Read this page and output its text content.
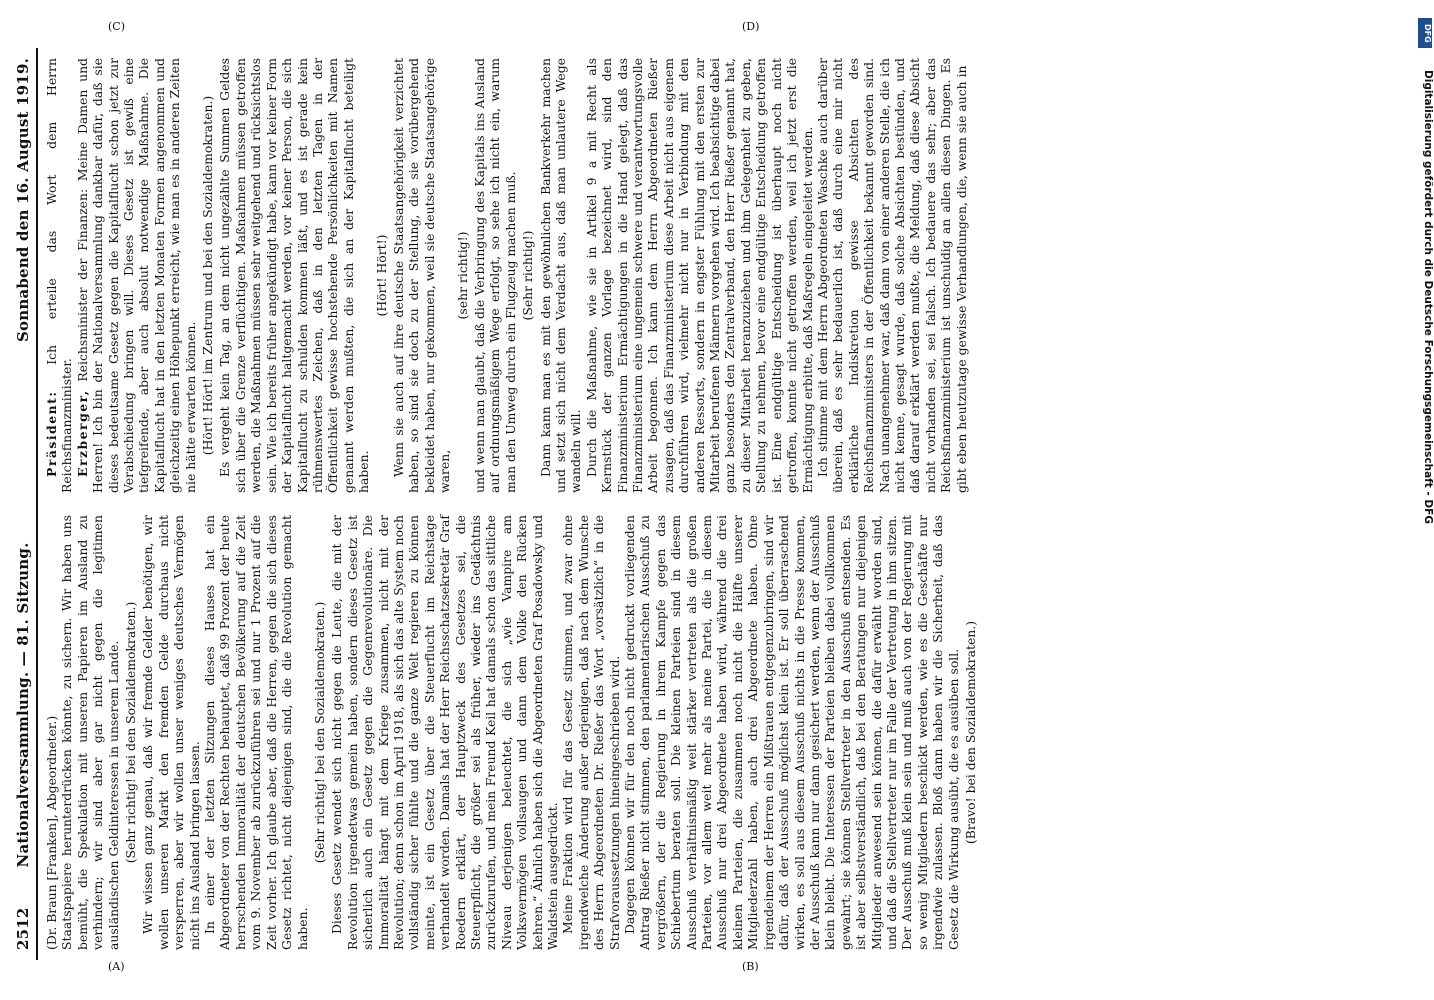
2512
Nationalversammlung. — 81. Sitzung.
Sonnabend den 16. August 1919.

(Dr. Braun [Franken], Abgeordneter.) Staatspapiere herunterdrücken könnte, zu sichern. Wir haben uns bemüht, die Spekulation mit unseren Papieren im Ausland zu verhindern; wir sind aber gar nicht gegen die legitimen ausländischen Geldinteressen in unserem Lande. (Sehr richtig! bei den Sozialdemokraten.) Wir wissen ganz genau, daß wir fremde Gelder benötigen, wir wollen unseren Markt den fremden Gelde durchaus nicht versperren, aber wir wollen unser weniges deutsches Vermögen nicht ins Ausland bringen lassen. In einer der letzten Sitzungen dieses Hauses hat ein Abgeordneter von der Rechten behauptet, daß 99 Prozent der heute herrschenden Immoralität der deutschen Bevölkerung auf die Zeit vom 9. November ab zurückzuführen sei und nur 1 Prozent auf die Zeit vorher. Ich glaube aber, daß die Herren, gegen die sich dieses Gesetz richtet, nicht diejenigen sind, die die Revolution gemacht haben.

(Sehr richtig! bei den Sozialdemokraten.) Dieses Gesetz wendet sich nicht gegen die Leute, die mit der Revolution irgendetwas gemein haben, sondern dieses Gesetz ist sicherlich auch ein Gesetz gegen die Gegenrevolutionäre. Die Immoralität hängt mit dem Kriege zusammen, nicht mit der Revolution; denn schon im April 1918, als sich das alte System noch vollständig sicher fühlte und die ganze Welt regieren zu können meinte, ist ein Gesetz über die Steuerflucht im Reichstage verhandelt worden. Damals hat der Herr Reichsschatzsekretär Graf Roedern erklärt, der Hauptzweck des Gesetzes sei, die Steuerpflicht, die größer sei als früher, wieder ins Gedächtnis zurückzurufen, und mein Freund Keil hat damals schon das sittliche Niveau derjenigen beleuchtet, die sich „wie Vampire am Volksvermögen vollsaugen und dann dem Volke den Rücken kehren.“ Ähnlich haben sich die Abgeordneten Graf Posadowsky und Waldstein ausgedrückt. Meine Fraktion wird für das Gesetz stimmen, und zwar ohne irgendwelche Änderung außer derjenigen, daß nach dem Wunsche des Herrn Abgeordneten Dr. Rießer das Wort „vorsätzlich“ in die Strafvoraussetzungen hineingeschrieben wird. Dagegen können wir für den noch nicht gedruckt vorliegenden Antrag Rießer nicht stimmen, den parlamentarischen Ausschuß zu vergrößern, der die Regierung in ihrem Kampfe gegen das Schiebertum beraten soll. Die kleinen Parteien sind in diesem Ausschuß verhältnismäßig weit stärker vertreten als die großen Parteien, vor allem weit mehr als meine Partei, die in diesem Ausschuß nur drei Abgeordnete haben wird, während die drei kleinen Parteien, die zusammen noch nicht die Hälfte unserer Mitgliederzahl haben, auch drei Abgeordnete haben. Ohne irgendeinem der Herren ein Mißtrauen entgegenzubringen, sind wir dafür, daß der Ausschuß möglichst klein ist. Er soll überraschend wirken, es soll aus diesem Ausschuß nichts in die Presse kommen, der Ausschuß kann nur dann gesichert werden, wenn der Ausschuß klein bleibt. Die Interessen der Parteien bleiben dabei vollkommen gewahrt; sie können Stellvertreter in den Ausschuß entsenden. Es ist aber selbstverständlich, daß bei den Beratungen nur diejenigen Mitglieder anwesend sein können, die dafür erwählt worden sind, und daß die Stellvertreter nur im Falle der Vertretung in ihm sitzen. Der Ausschuß muß klein sein und muß auch von der Regierung mit so wenig Mitgliedern beschickt werden, wie es die Geschäfte nur irgendwie zulassen. Bloß dann haben wir die Sicherheit, daß das Gesetz die Wirkung ausübt, die es ausüben soll. (Bravo! bei den Sozialdemokraten.)

Präsident: Ich erteile das Wort dem Herrn Reichsfinanzminister. Erzberger, Reichsminister der Finanzen: Meine Damen und Herren! Ich bin der Nationalversammlung dankbar dafür, daß sie dieses bedeutsame Gesetz gegen die Kapitalflucht schon jetzt zur Verabschiedung bringen will. Dieses Gesetz ist gewiß eine tiefgreifende, aber auch absolut notwendige Maßnahme. Die Kapitalflucht hat in den letzten Monaten Formen angenommen und gleichzeitig einen Höhepunkt erreicht, wie man es in anderen Zeiten nie hätte erwarten können. (Hört! Hört! im Zentrum und bei den Sozialdemokraten.) Es vergeht kein Tag, an dem nicht ungezählte Summen Geldes sich über die Grenze verflüchtigen. Maßnahmen müssen getroffen werden, die Maßnahmen müssen sehr weitgehend und rücksichtslos sein. Wie ich bereits früher angekündigt habe, kann vor keiner Form der Kapitalflucht haltgemacht werden, vor keiner Person, die sich Kapitalflucht zu schulden kommen läßt, und es ist gerade kein rühmenswertes Zeichen, daß in den letzten Tagen in der Öffentlichkeit gewisse hochstehende Persönlichkeiten mit Namen genannt werden mußten, die sich an der Kapitalflucht beteiligt haben.

(Hört! Hört!) Wenn sie auch auf ihre deutsche Staatsangehörigkeit verzichtet haben, so sind sie doch zu der Stellung, die sie vorübergehend bekleidet haben, nur gekommen, weil sie deutsche Staatsangehörige waren,

(sehr richtig!) und wenn man glaubt, daß die Verbringung des Kapitals ins Ausland auf ordnungsmäßigem Wege erfolgt, so sehe ich nicht ein, warum man den Umweg durch ein Flugzeug machen muß. (Sehr richtig!) Dann kann man es mit den gewöhnlichen Bankverkehr machen und setzt sich nicht dem Verdacht aus, daß man unlautere Wege wandeln will. Durch die Maßnahme, wie sie in Artikel 9 a mit Recht als Kernstück der ganzen Vorlage bezeichnet wird, sind den Finanzministerium Ermächtigungen in die Hand gelegt, daß das Finanzministerium eine ungemein schwere und verantwortungsvolle Arbeit begonnen. Ich kann dem Herrn Abgeordneten Rießer zusagen, daß das Finanzministerium diese Arbeit nicht aus eigenem durchführen wird, vielmehr nicht nur in Verbindung mit den anderen Ressorts, sondern in engster Fühlung mit den ersten zur Mitarbeit berufenen Männern vorgehen wird. Ich beabsichtige dabei ganz besonders den Zentralverband, den Herr Rießer genannt hat, zu dieser Mitarbeit heranzuziehen und ihm Gelegenheit zu geben, Stellung zu nehmen, bevor eine endgültige Entscheidung getroffen ist. Eine endgültige Entscheidung ist überhaupt noch nicht getroffen, konnte nicht getroffen werden, weil ich jetzt erst die Ermächtigung erbitte, daß Maßregeln eingeleitet werden. Ich stimme mit dem Herrn Abgeordneten Waschke auch darüber überein, daß es sehr bedauerlich ist, daß durch eine mir nicht erklärliche Indiskretion gewisse Absichten des Reichsfinanzministers in der Öffentlichkeit bekannt geworden sind. Nach unangenehmer war, daß dann von einer anderen Stelle, die ich nicht kenne, gesagt wurde, daß solche Absichten bestünden, und daß darauf erklärt werden mußte, die Meldung, daß diese Absicht nicht vorhanden sei, sei falsch. Ich bedauere das sehr; aber das Reichsfinanzministerium ist unschuldig an allen diesen Dingen. Es gibt eben heutzutage gewisse Verhandlungen, die, wenn sie auch in

(A)	(B)
(C)	(D)	DFG
Digitalisierung gefördert durch die Deutsche Forschungsgemeinschaft - DFG
